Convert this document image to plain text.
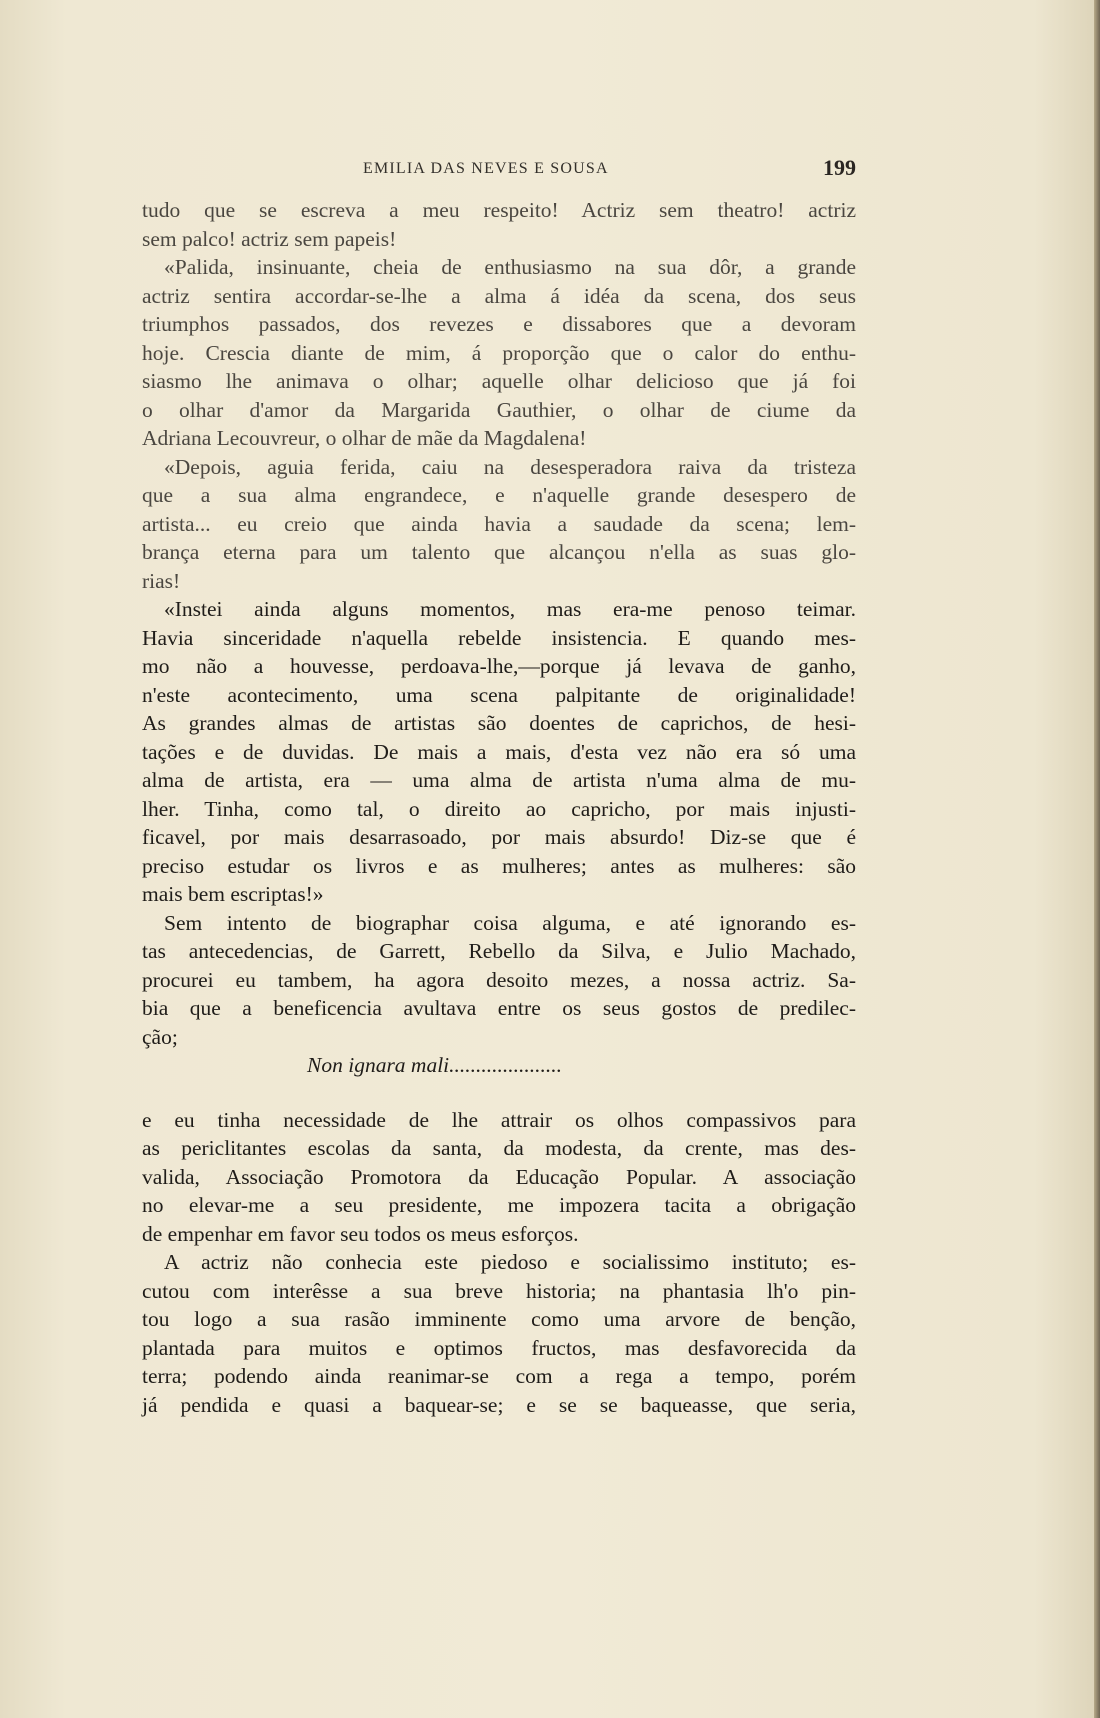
EMILIA DAS NEVES E SOUSA	199
tudo que se escreva a meu respeito! Actriz sem theatro! actriz
sem palco! actriz sem papeis!
«Palida, insinuante, cheia de enthusiasmo na sua dôr, a grande
actriz sentira accordar-se-lhe a alma á idéa da scena, dos seus
triumphos passados, dos revezes e dissabores que a devoram
hoje. Crescia diante de mim, á proporção que o calor do enthu-
siasmo lhe animava o olhar; aquelle olhar delicioso que já foi
o olhar d'amor da Margarida Gauthier, o olhar de ciume da
Adriana Lecouvreur, o olhar de mãe da Magdalena!
«Depois, aguia ferida, caiu na desesperadora raiva da tristeza
que a sua alma engrandece, e n'aquelle grande desespero de
artista... eu creio que ainda havia a saudade da scena; lem-
brança eterna para um talento que alcançou n'ella as suas glo-
rias!
«Instei ainda alguns momentos, mas era-me penoso teimar.
Havia sinceridade n'aquella rebelde insistencia. E quando mes-
mo não a houvesse, perdoava-lhe,—porque já levava de ganho,
n'este acontecimento, uma scena palpitante de originalidade!
As grandes almas de artistas são doentes de caprichos, de hesi-
tações e de duvidas. De mais a mais, d'esta vez não era só uma
alma de artista, era — uma alma de artista n'uma alma de mu-
lher. Tinha, como tal, o direito ao capricho, por mais injusti-
ficavel, por mais desarrasoado, por mais absurdo! Diz-se que é
preciso estudar os livros e as mulheres; antes as mulheres: são
mais bem escriptas!»
Sem intento de biographar coisa alguma, e até ignorando es-
tas antecedencias, de Garrett, Rebello da Silva, e Julio Machado,
procurei eu tambem, ha agora desoito mezes, a nossa actriz. Sa-
bia que a beneficencia avultava entre os seus gostos de predilec-
ção;
Non ignara mali.....................
e eu tinha necessidade de lhe attrair os olhos compassivos para
as periclitantes escolas da santa, da modesta, da crente, mas des-
valida, Associação Promotora da Educação Popular. A associação
no elevar-me a seu presidente, me impozera tacita a obrigação
de empenhar em favor seu todos os meus esforços.
A actriz não conhecia este piedoso e socialissimo instituto; es-
cutou com interêsse a sua breve historia; na phantasia lh'o pin-
tou logo a sua rasão imminente como uma arvore de benção,
plantada para muitos e optimos fructos, mas desfavorecida da
terra; podendo ainda reanimar-se com a rega a tempo, porém
já pendida e quasi a baquear-se; e se se baqueasse, que seria,
